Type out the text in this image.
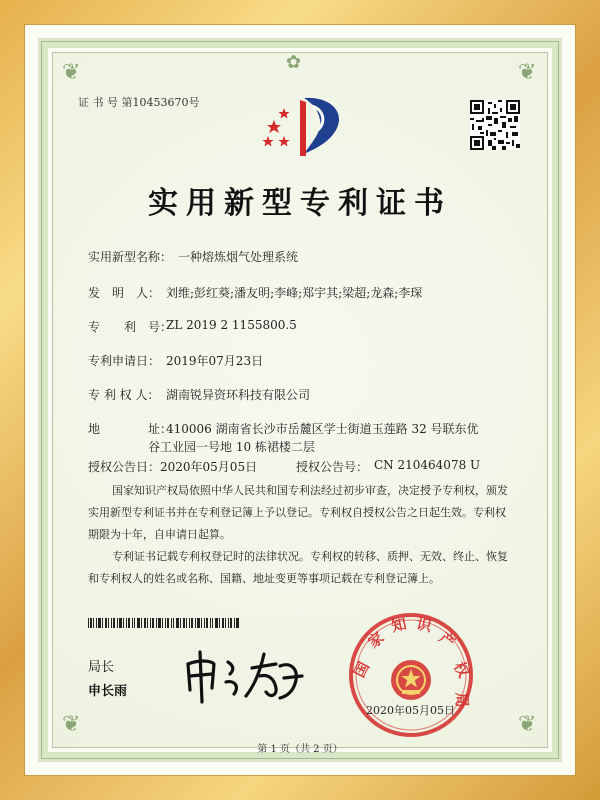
❦	❦
❦	❦
✿
证 书 号 第10453670号
实用新型专利证书
实用新型名称： 一种熔炼烟气处理系统
发　明　人： 刘维;彭红葵;潘友明;李峰;郑宇其;梁超;龙森;李琛
专　　利　号：
ZL 2019 2 1155800.5
专利申请日： 2019年07月23日
专 利 权 人： 湖南锐异资环科技有限公司
地　　　　址：
410006 湖南省长沙市岳麓区学士街道玉莲路 32 号联东优
谷工业园一号地 10 栋裙楼二层
授权公告日： 2020年05月05日	授权公告号： CN 210464078 U
国家知识产权局依照中华人民共和国专利法经过初步审查，决定授予专利权，颁发实用新型专利证书并在专利登记簿上予以登记。专利权自授权公告之日起生效。专利权期限为十年，自申请日起算。
专利证书记载专利权登记时的法律状况。专利权的转移、质押、无效、终止、恢复和专利权人的姓名或名称、国籍、地址变更等事项记载在专利登记簿上。
局长
申长雨
国
家
知 识
产
权
局
2020年05月05日
第 1 页（共 2 页）
